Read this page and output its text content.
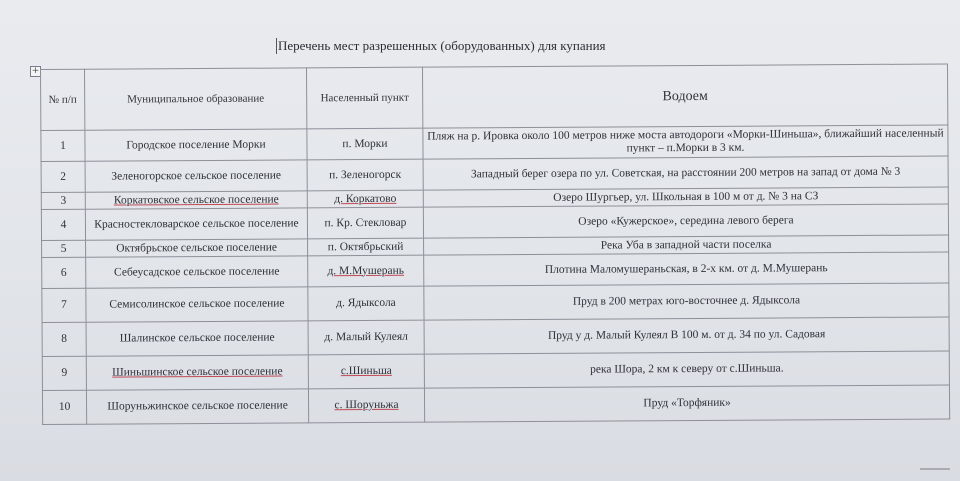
Перечень мест разрешенных (оборудованных) для купания
+
№ п/п	Муниципальное образование	Населенный пункт	Водоем
1	Городское поселение Морки	п. Морки	Пляж на р. Ировка около 100 метров ниже моста автодороги «Морки-Шиньша», ближайший населенный пункт – п.Морки в 3 км.
2	Зеленогорское сельское поселение	п. Зеленогорск	Западный берег озера по ул. Советская, на расстоянии 200 метров на запад от дома № 3
3	Коркатовское сельское поселение	д. Коркатово	Озеро Шургьер, ул. Школьная в 100 м от д. № 3 на СЗ
4	Красностекловарское сельское поселение	п. Кр. Стекловар	Озеро «Кужерское», середина левого берега
5	Октябрьское сельское поселение	п. Октябрьский	Река Уба в западной части поселка
6	Себеусадское сельское поселение	д. М.Мушерань	Плотина Маломушераньская, в 2-х км. от д. М.Мушерань
7	Семисолинское сельское поселение	д. Ядыксола	Пруд в 200 метрах юго-восточнее д. Ядыксола
8	Шалинское сельское поселение	д. Малый Кулеял	Пруд у д. Малый Кулеял В 100 м. от д. 34 по ул. Садовая
9	Шиньшинское сельское поселение	с.Шиньша	река Шора, 2 км к северу от с.Шиньша.
10	Шоруньжинское сельское поселение	с. Шоруньжа	Пруд «Торфяник»
